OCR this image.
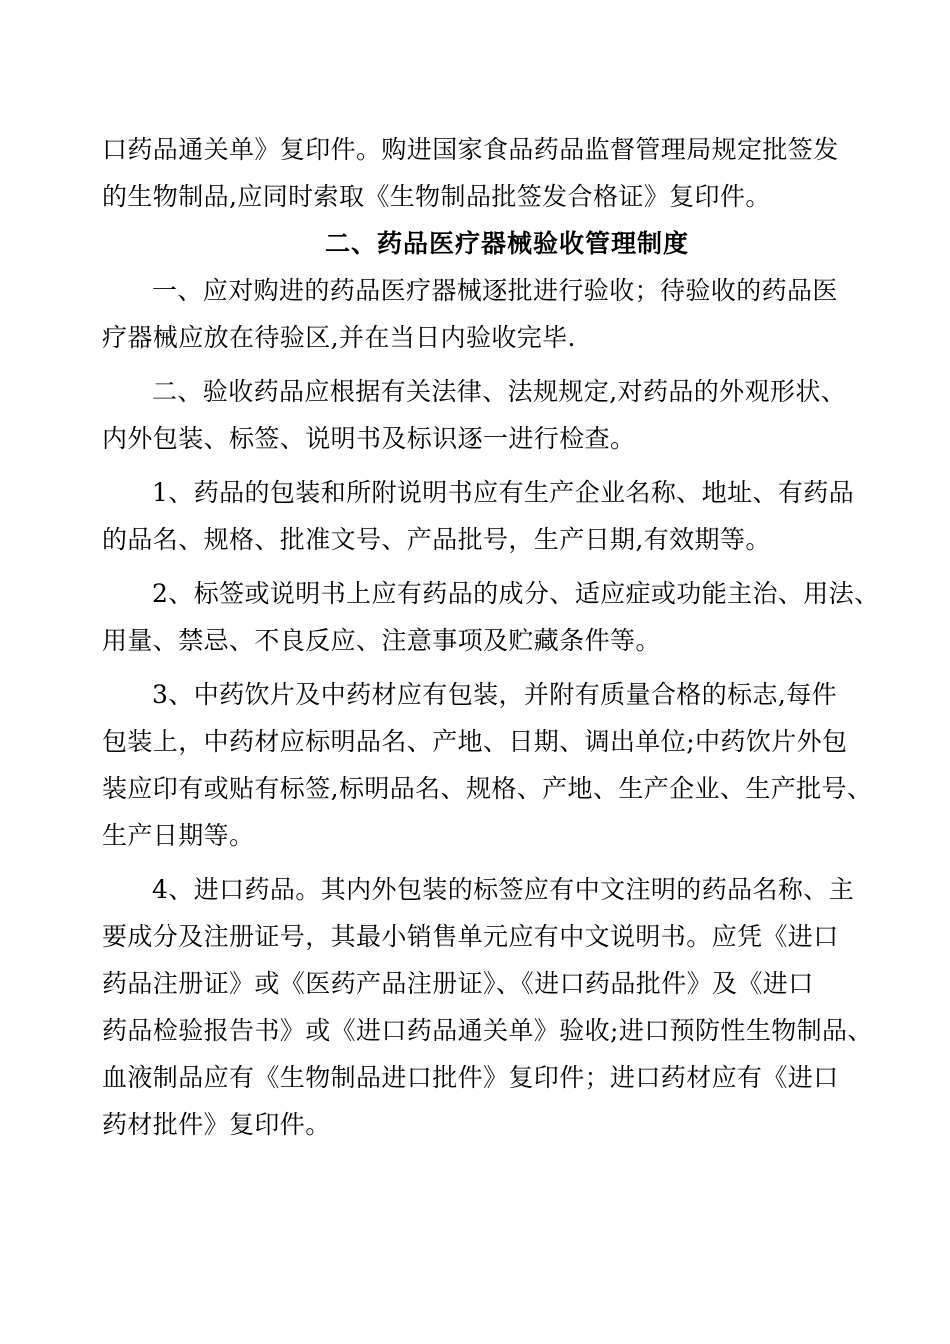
口药品通关单》复印件。购进国家食品药品监督管理局规定批签发
的生物制品,应同时索取《生物制品批签发合格证》复印件。
二、药品医疗器械验收管理制度
一、应对购进的药品医疗器械逐批进行验收；待验收的药品医
疗器械应放在待验区,并在当日内验收完毕.
二、验收药品应根据有关法律、法规规定,对药品的外观形状、
内外包装、标签、说明书及标识逐一进行检查。
1、药品的包装和所附说明书应有生产企业名称、地址、有药品
的品名、规格、批准文号、产品批号，生产日期,有效期等。
2、标签或说明书上应有药品的成分、适应症或功能主治、用法、
用量、禁忌、不良反应、注意事项及贮藏条件等。
3、中药饮片及中药材应有包装，并附有质量合格的标志,每件
包装上，中药材应标明品名、产地、日期、调出单位;中药饮片外包
装应印有或贴有标签,标明品名、规格、产地、生产企业、生产批号、
生产日期等。
4、进口药品。其内外包装的标签应有中文注明的药品名称、主
要成分及注册证号，其最小销售单元应有中文说明书。应凭《进口
药品注册证》或《医药产品注册证》、《进口药品批件》及《进口
药品检验报告书》或《进口药品通关单》验收;进口预防性生物制品、
血液制品应有《生物制品进口批件》复印件；进口药材应有《进口
药材批件》复印件。
